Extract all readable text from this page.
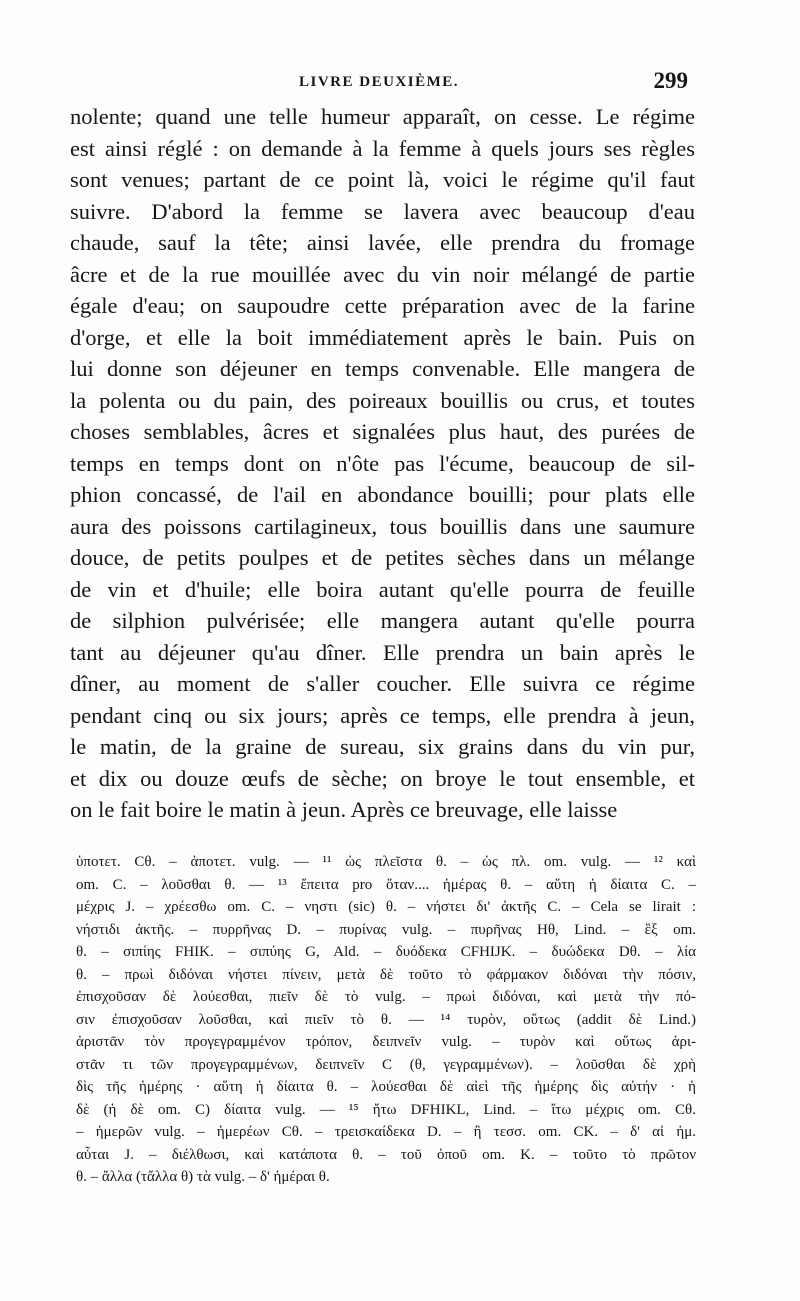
LIVRE DEUXIÈME.	299
nolente; quand une telle humeur apparaît, on cesse. Le régime
est ainsi réglé : on demande à la femme à quels jours ses règles
sont venues; partant de ce point là, voici le régime qu'il faut
suivre. D'abord la femme se lavera avec beaucoup d'eau
chaude, sauf la tête; ainsi lavée, elle prendra du fromage
âcre et de la rue mouillée avec du vin noir mélangé de partie
égale d'eau; on saupoudre cette préparation avec de la farine
d'orge, et elle la boit immédiatement après le bain. Puis on
lui donne son déjeuner en temps convenable. Elle mangera de
la polenta ou du pain, des poireaux bouillis ou crus, et toutes
choses semblables, âcres et signalées plus haut, des purées de
temps en temps dont on n'ôte pas l'écume, beaucoup de sil-
phion concassé, de l'ail en abondance bouilli; pour plats elle
aura des poissons cartilagineux, tous bouillis dans une saumure
douce, de petits poulpes et de petites sèches dans un mélange
de vin et d'huile; elle boira autant qu'elle pourra de feuille
de silphion pulvérisée; elle mangera autant qu'elle pourra
tant au déjeuner qu'au dîner. Elle prendra un bain après le
dîner, au moment de s'aller coucher. Elle suivra ce régime
pendant cinq ou six jours; après ce temps, elle prendra à jeun,
le matin, de la graine de sureau, six grains dans du vin pur,
et dix ou douze œufs de sèche; on broye le tout ensemble, et
on le fait boire le matin à jeun. Après ce breuvage, elle laisse
ὑποτετ. Cθ. – ἀποτετ. vulg. — ¹¹ ὡς πλεῖστα θ. – ὡς πλ. om. vulg. — ¹² καὶ
om. C. – λοῦσθαι θ. — ¹³ ἔπειτα pro ὅταν.... ἡμέρας θ. – αὕτη ἡ δίαιτα C. –
μέχρις J. – χρέεσθω om. C. – νηστι (sic) θ. – νήστει δι' ἀκτῆς C. – Cela se lirait :
νήστιδι ἀκτῆς. – πυρρῆνας D. – πυρίνας vulg. – πυρῆνας Hθ, Lind. – ἓξ om.
θ. – σιπίης FHIK. – σιπύης G, Ald. – δυόδεκα CFHIJK. – δυώδεκα Dθ. – λία
θ. – πρωὶ διδόναι νήστει πίνειν, μετὰ δὲ τοῦτο τὸ φάρμακον διδόναι τὴν πόσιν,
ἐπισχοῦσαν δὲ λούεσθαι, πιεῖν δὲ τὸ vulg. – πρωὶ διδόναι, καὶ μετὰ τὴν πό-
σιν ἐπισχοῦσαν λοῦσθαι, καὶ πιεῖν τὸ θ. — ¹⁴ τυρὸν, οὕτως (addit δὲ Lind.)
ἀριστᾶν τὸν προγεγραμμένον τρόπον, δειπνεῖν vulg. – τυρὸν καὶ οὕτως ἀρι-
στᾶν τι τῶν προγεγραμμένων, δειπνεῖν C (θ, γεγραμμένων). – λοῦσθαι δὲ χρὴ
δὶς τῆς ἡμέρης · αὕτη ἡ δίαιτα θ. – λούεσθαι δὲ αἰεὶ τῆς ἡμέρης δὶς αὐτήν · ἡ
δὲ (ἡ δὲ om. C) δίαιτα vulg. — ¹⁵ ἤτω DFHIKL, Lind. – ἴτω μέχρις om. Cθ.
– ἡμερῶν vulg. – ἡμερέων Cθ. – τρεισκαίδεκα D. – ἢ τεσσ. om. CK. – δ' αἱ ἡμ.
αὗται J. – διέλθωσι, καὶ κατάποτα θ. – τοῦ ὀποῦ om. K. – τοῦτο τὸ πρῶτον
θ. – ἄλλα (τἄλλα θ) τὰ vulg. – δ' ἡμέραι θ.
